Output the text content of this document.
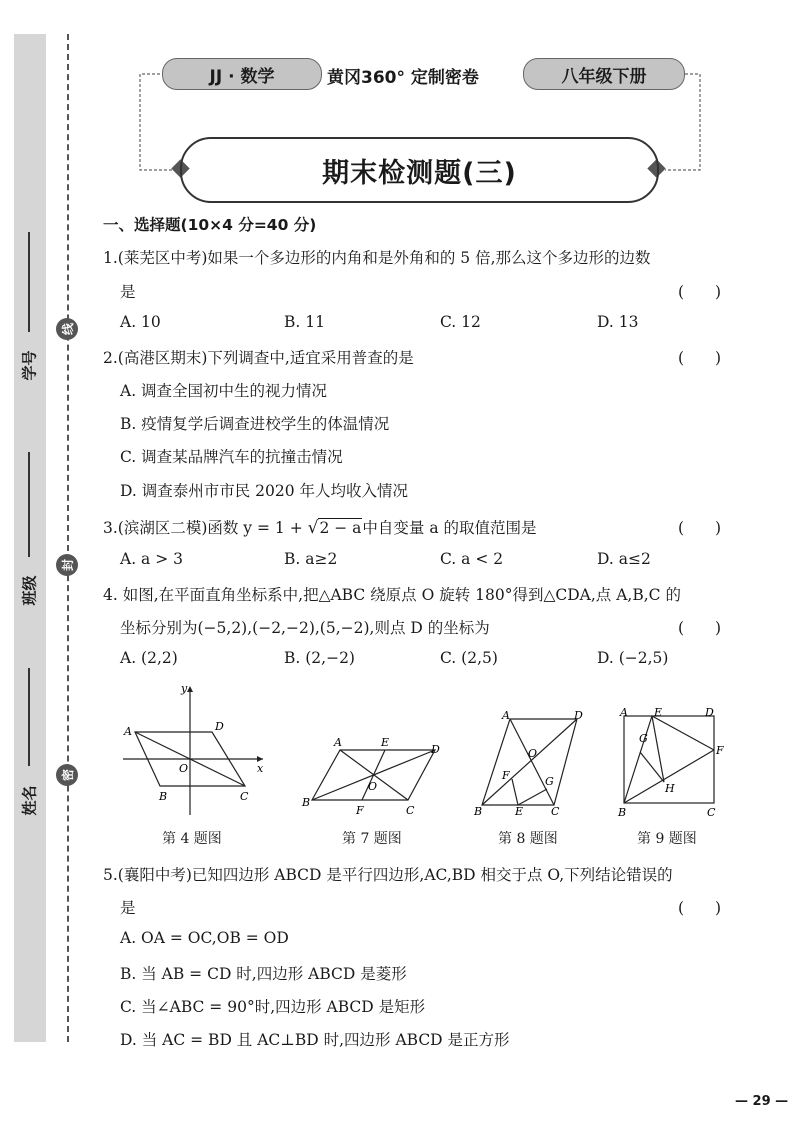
学号
班级
姓名
线
封
密
JJ · 数学	黄冈360° 定制密卷	八年级下册
期末检测题(三)
一、选择题(10×4 分=40 分)
1.(莱芜区中考)如果一个多边形的内角和是外角和的 5 倍,那么这个多边形的边数
是	(　　)
A. 10	B. 11	C. 12	D. 13
2.(高港区期末)下列调查中,适宜采用普查的是	(　　)
A. 调查全国初中生的视力情况
B. 疫情复学后调查进校学生的体温情况
C. 调查某品牌汽车的抗撞击情况
D. 调查泰州市市民 2020 年人均收入情况
3.(滨湖区二模)函数 y = 1 + √2 − a中自变量 a 的取值范围是	(　　)
A. a > 3	B. a≥2	C. a < 2	D. a≤2
4. 如图,在平面直角坐标系中,把△ABC 绕原点 O 旋转 180°得到△CDA,点 A,B,C 的
坐标分别为(−5,2),(−2,−2),(5,−2),则点 D 的坐标为	(　　)
A. (2,2)	B. (2,−2)	C. (2,5)	D. (−2,5)
y
x
A	D
O
B	C
第 4 题图
A	E
D
O
B
F	C
第 7 题图
A	D
O
F	G
B	E	C
第 8 题图
A E	D
G
F
H
B	C
第 9 题图
5.(襄阳中考)已知四边形 ABCD 是平行四边形,AC,BD 相交于点 O,下列结论错误的
是	(　　)
A. OA = OC,OB = OD
B. 当 AB = CD 时,四边形 ABCD 是菱形
C. 当∠ABC = 90°时,四边形 ABCD 是矩形
D. 当 AC = BD 且 AC⊥BD 时,四边形 ABCD 是正方形
— 29 —
